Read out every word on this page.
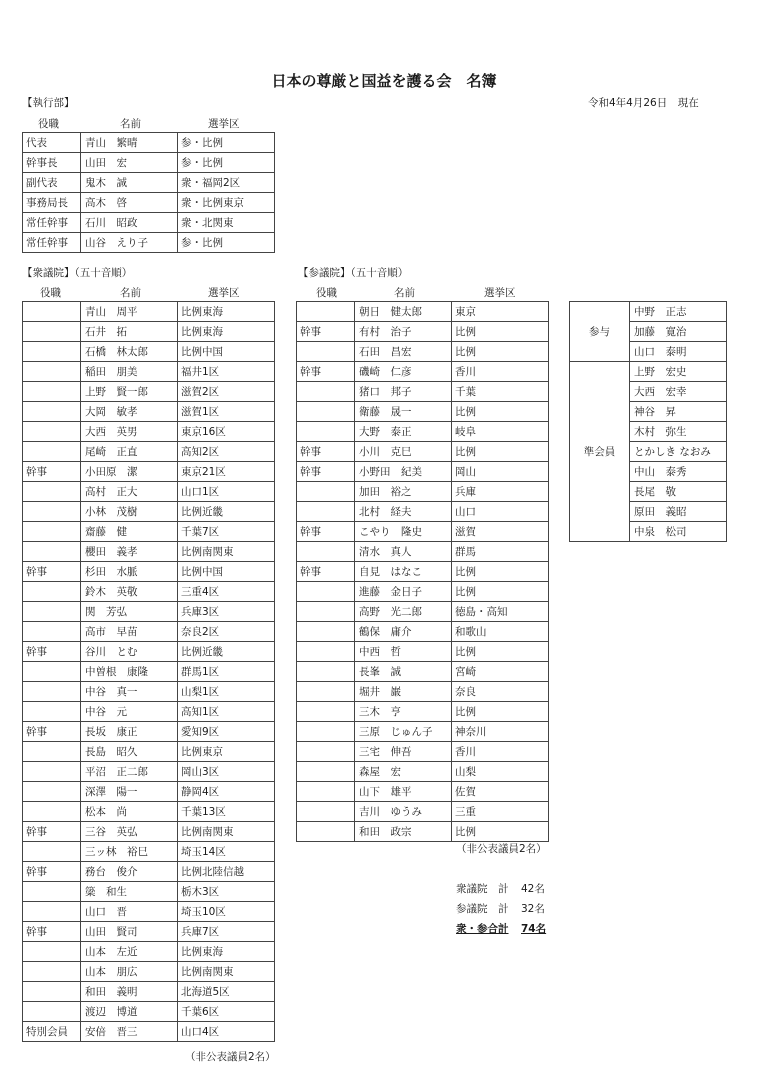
日本の尊厳と国益を護る会　名簿
令和4年4月26日　現在
【執行部】
役職	名前	選挙区
代表	青山　繁晴	参・比例
幹事長	山田　宏	参・比例
副代表	鬼木　誠	衆・福岡2区
事務局長	高木　啓	衆・比例東京
常任幹事	石川　昭政	衆・北関東
常任幹事	山谷　えり子	参・比例
【衆議院】（五十音順）
役職	名前	選挙区
	青山　周平	比例東海
	石井　拓	比例東海
	石橋　林太郎	比例中国
	稲田　朋美	福井1区
	上野　賢一郎	滋賀2区
	大岡　敏孝	滋賀1区
	大西　英男	東京16区
	尾崎　正直	高知2区
幹事	小田原　潔	東京21区
	高村　正大	山口1区
	小林　茂樹	比例近畿
	齋藤　健	千葉7区
	櫻田　義孝	比例南関東
幹事	杉田　水脈	比例中国
	鈴木　英敬	三重4区
	関　芳弘	兵庫3区
	高市　早苗	奈良2区
幹事	谷川　とむ	比例近畿
	中曽根　康隆	群馬1区
	中谷　真一	山梨1区
	中谷　元	高知1区
幹事	長坂　康正	愛知9区
	長島　昭久	比例東京
	平沼　正二郎	岡山3区
	深澤　陽一	静岡4区
	松本　尚	千葉13区
幹事	三谷　英弘	比例南関東
	三ッ林　裕巳	埼玉14区
幹事	務台　俊介	比例北陸信越
	簗　和生	栃木3区
	山口　晋	埼玉10区
幹事	山田　賢司	兵庫7区
	山本　左近	比例東海
	山本　朋広	比例南関東
	和田　義明	北海道5区
	渡辺　博道	千葉6区
特別会員	安倍　晋三	山口4区
（非公表議員2名）
【参議院】（五十音順）
役職	名前	選挙区
	朝日　健太郎	東京
幹事	有村　治子	比例
	石田　昌宏	比例
幹事	磯崎　仁彦	香川
	猪口　邦子	千葉
	衛藤　晟一	比例
	大野　泰正	岐阜
幹事	小川　克巳	比例
幹事	小野田　紀美	岡山
	加田　裕之	兵庫
	北村　経夫	山口
幹事	こやり　隆史	滋賀
	清水　真人	群馬
幹事	自見　はなこ	比例
	進藤　金日子	比例
	高野　光二郎	徳島・高知
	鶴保　庸介	和歌山
	中西　哲	比例
	長峯　誠	宮崎
	堀井　巌	奈良
	三木　亨	比例
	三原　じゅん子	神奈川
	三宅　伸吾	香川
	森屋　宏	山梨
	山下　雄平	佐賀
	吉川　ゆうみ	三重
	和田　政宗	比例
（非公表議員2名）
参与	中野　正志
	加藤　寛治
	山口　泰明
準会員	上野　宏史
	大西　宏幸
	神谷　昇
	木村　弥生
	とかしき なおみ
	中山　泰秀
	長尾　敬
	原田　義昭
	中泉　松司
衆議院　計 42名
参議院　計 32名
衆・参合計 74名
